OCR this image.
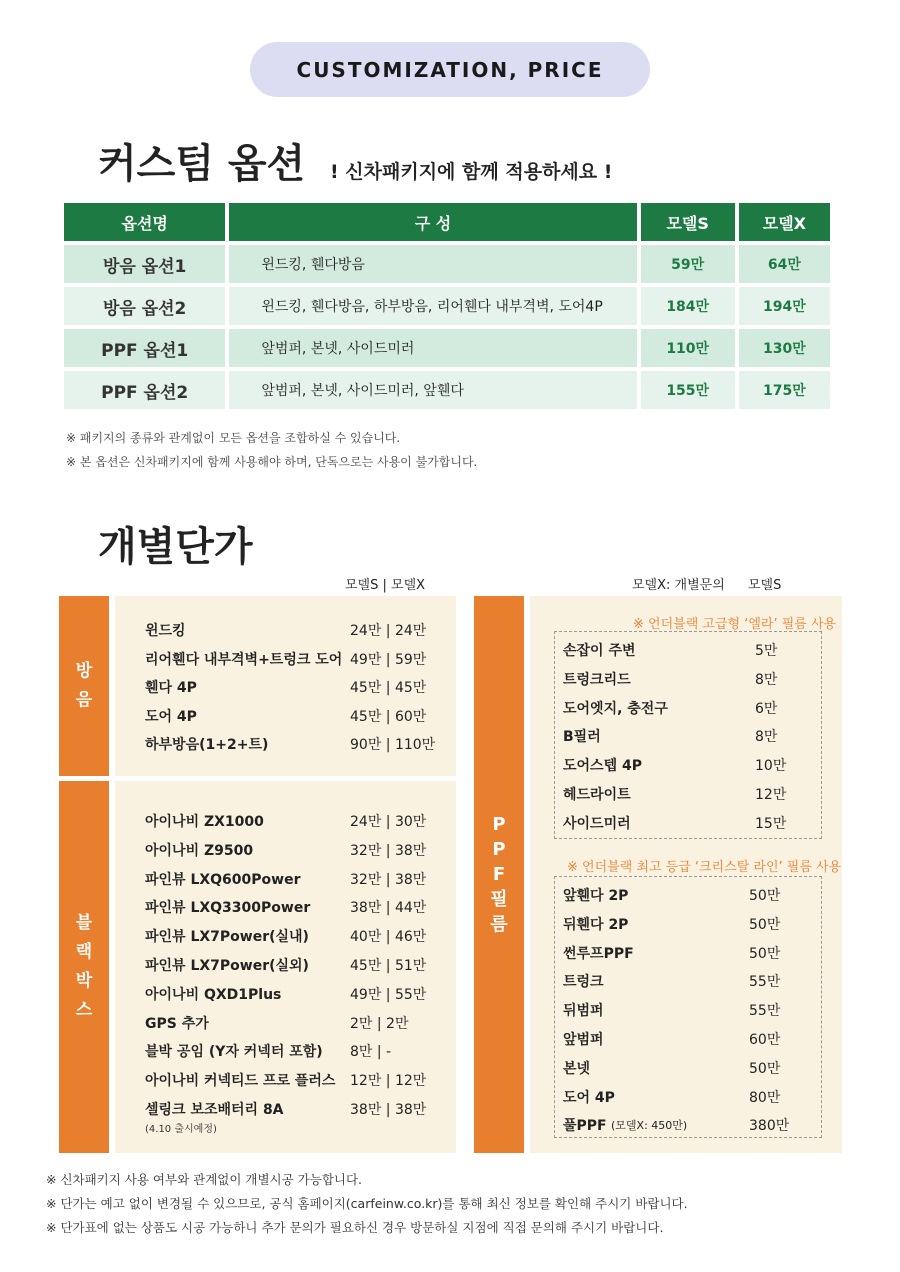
CUSTOMIZATION, PRICE
커스텀 옵션 ! 신차패키지에 함께 적용하세요 !
옵션명	구 성	모델S	모델X
방음 옵션1	윈드킹, 휀다방음	59만	64만
방음 옵션2	윈드킹, 휀다방음, 하부방음, 리어휀다 내부격벽, 도어4P	184만	194만
PPF 옵션1	앞범퍼, 본넷, 사이드미러	110만	130만
PPF 옵션2	앞범퍼, 본넷, 사이드미러, 앞휀다	155만	175만
※ 패키지의 종류와 관계없이 모든 옵션을 조합하실 수 있습니다.
※ 본 옵션은 신차패키지에 함께 사용해야 하며, 단독으로는 사용이 불가합니다.
개별단가
모델S | 모델X	모델X: 개별문의 모델S
방
음
윈드킹	24만 | 24만
리어휀다 내부격벽+트렁크 도어 49만 | 59만
휀다 4P	45만 | 45만
도어 4P	45만 | 60만
하부방음(1+2+트)	90만 | 110만
블
랙
박
스
아이나비 ZX1000	24만 | 30만
아이나비 Z9500	32만 | 38만
파인뷰 LXQ600Power	32만 | 38만
파인뷰 LXQ3300Power	38만 | 44만
파인뷰 LX7Power(실내)	40만 | 46만
파인뷰 LX7Power(실외)	45만 | 51만
아이나비 QXD1Plus	49만 | 55만
GPS 추가	2만 | 2만
블박 공임 (Y자 커넥터 포함) 8만 | -
아이나비 커넥티드 프로 플러스 12만 | 12만
셀링크 보조배터리 8A	38만 | 38만
(4.10 출시예정)
P
P
F
필
름
※ 언더블랙 고급형 ‘엘라’ 필름 사용
손잡이 주변	5만
트렁크리드	8만
도어엣지, 충전구	6만
B필러	8만
도어스텝 4P	10만
헤드라이트	12만
사이드미러	15만
※ 언더블랙 최고 등급 ‘크리스탈 라인’ 필름 사용
앞휀다 2P	50만
뒤휀다 2P	50만
썬루프PPF	50만
트렁크	55만
뒤범퍼	55만
앞범퍼	60만
본넷	50만
도어 4P	80만
풀PPF	380만
(모델X: 450만)
※ 신차패키지 사용 여부와 관계없이 개별시공 가능합니다.
※ 단가는 예고 없이 변경될 수 있으므로, 공식 홈페이지(carfeinw.co.kr)를 통해 최신 정보를 확인해 주시기 바랍니다.
※ 단가표에 없는 상품도 시공 가능하니 추가 문의가 필요하신 경우 방문하실 지점에 직접 문의해 주시기 바랍니다.
